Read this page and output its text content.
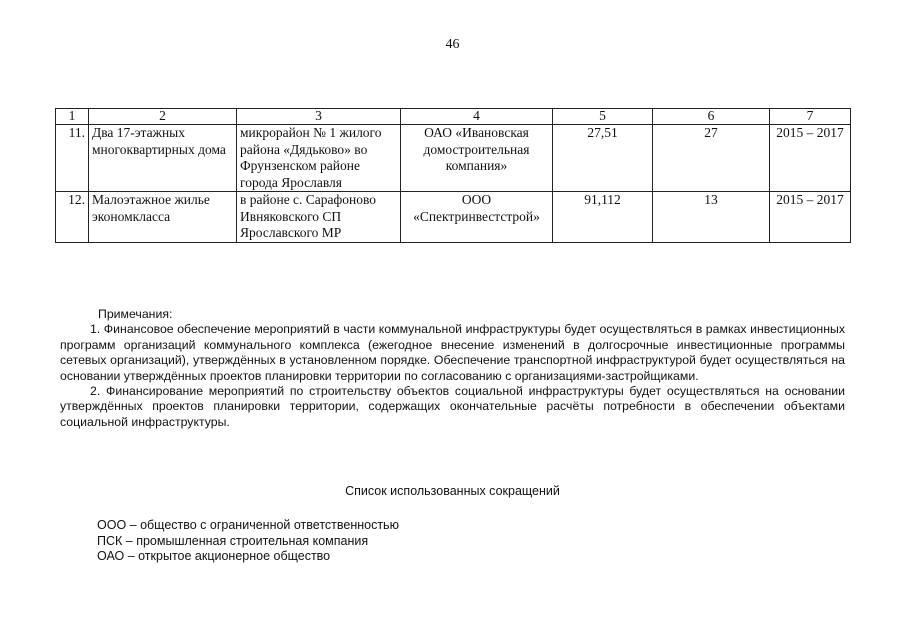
46
1	2	3	4	5	6	7
11.	Два 17-этажных многоквартирных дома	микрорайон № 1 жилого района «Дядьково» во Фрунзенском районе города Ярославля	ОАО «Ивановская домостроительная компания»	27,51	27	2015 – 2017
12.	Малоэтажное жилье экономкласса	в районе с. Сарафоново Ивняковского СП Ярославского МР	ООО «Спектринвестстрой»	91,112	13	2015 – 2017

Примечания:

1. Финансовое обеспечение мероприятий в части коммунальной инфраструктуры будет осуществляться в рамках инвестиционных программ организаций коммунального комплекса (ежегодное внесение изменений в долгосрочные инвестиционные программы сетевых организаций), утверждённых в установленном порядке. Обеспечение транспортной инфраструктурой будет осуществляться на основании утверждённых проектов планировки территории по согласованию с организациями-застройщиками.

2. Финансирование мероприятий по строительству объектов социальной инфраструктуры будет осуществляться на основании утверждённых проектов планировки территории, содержащих окончательные расчёты потребности в обеспечении объектами социальной инфраструктуры.

Список использованных сокращений
ООО – общество с ограниченной ответственностью
ПСК – промышленная строительная компания
ОАО – открытое акционерное общество
